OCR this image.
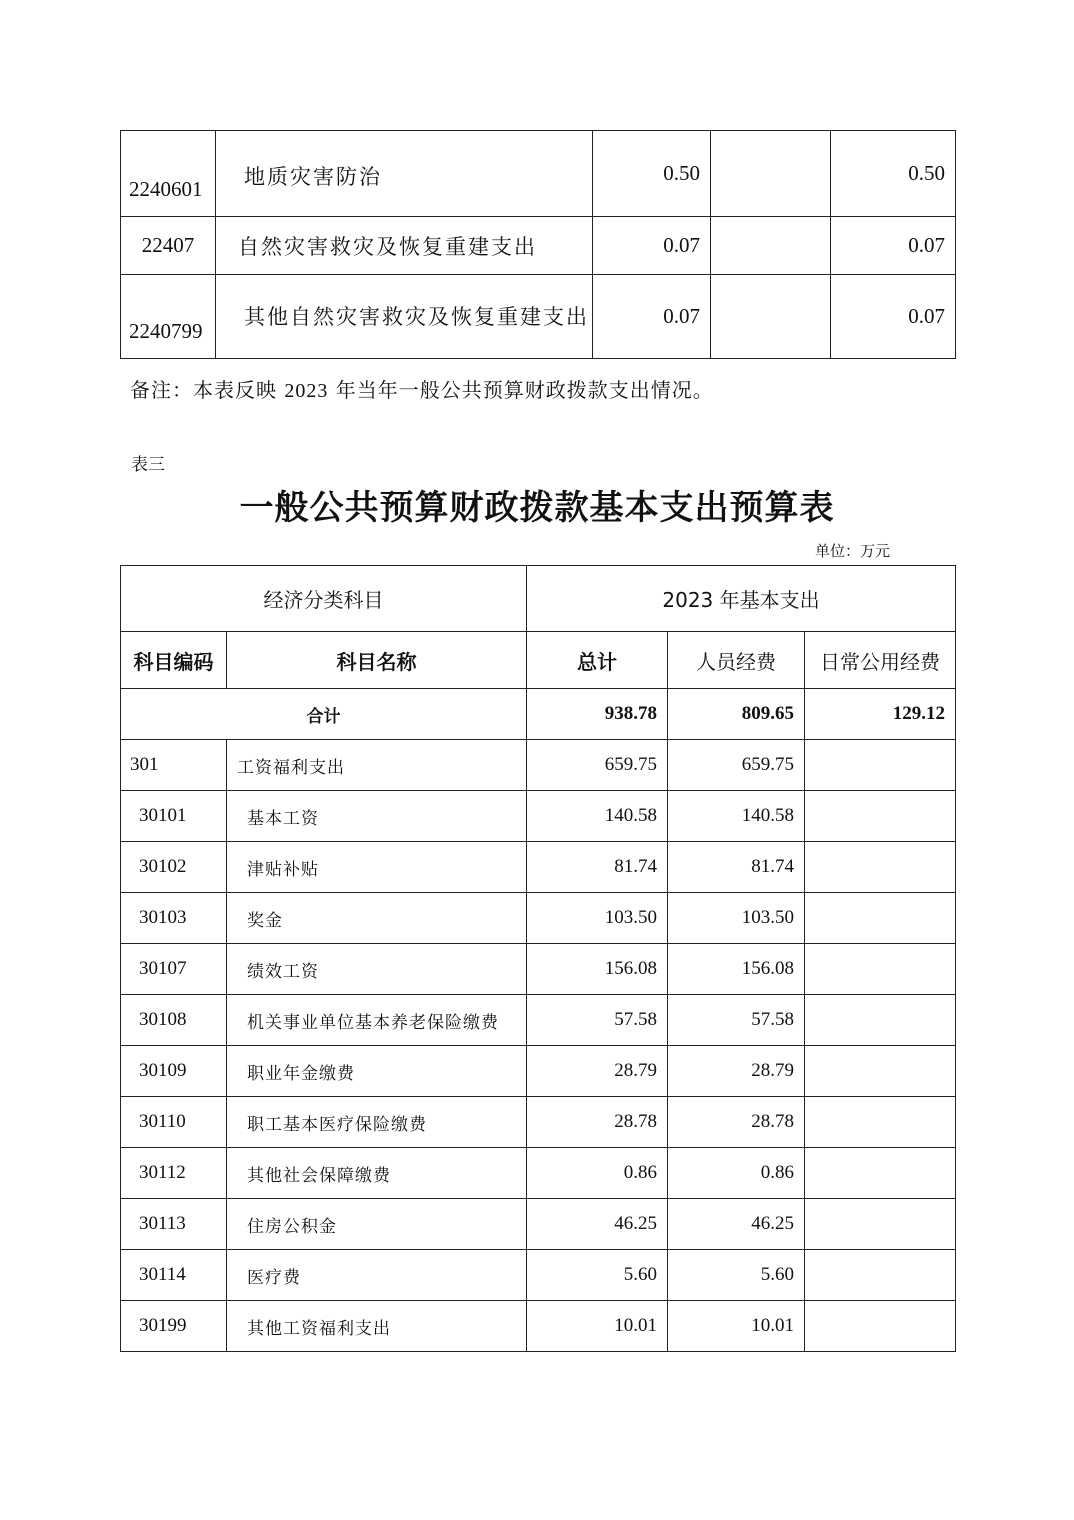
2240601	地质灾害防治	0.50		0.50
22407	自然灾害救灾及恢复重建支出	0.07		0.07
2240799	其他自然灾害救灾及恢复重建支出	0.07		0.07
备注：本表反映 2023 年当年一般公共预算财政拨款支出情况。
表三
一般公共预算财政拨款基本支出预算表
单位：万元
经济分类科目		2023 年基本支出		
科目编码	科目名称	总计	人员经费	日常公用经费
合计		938.78	809.65	129.12
301	工资福利支出	659.75	659.75	
30101	基本工资	140.58	140.58	
30102	津贴补贴	81.74	81.74	
30103	奖金	103.50	103.50	
30107	绩效工资	156.08	156.08	
30108	机关事业单位基本养老保险缴费	57.58	57.58	
30109	职业年金缴费	28.79	28.79	
30110	职工基本医疗保险缴费	28.78	28.78	
30112	其他社会保障缴费	0.86	0.86	
30113	住房公积金	46.25	46.25	
30114	医疗费	5.60	5.60	
30199	其他工资福利支出	10.01	10.01	
